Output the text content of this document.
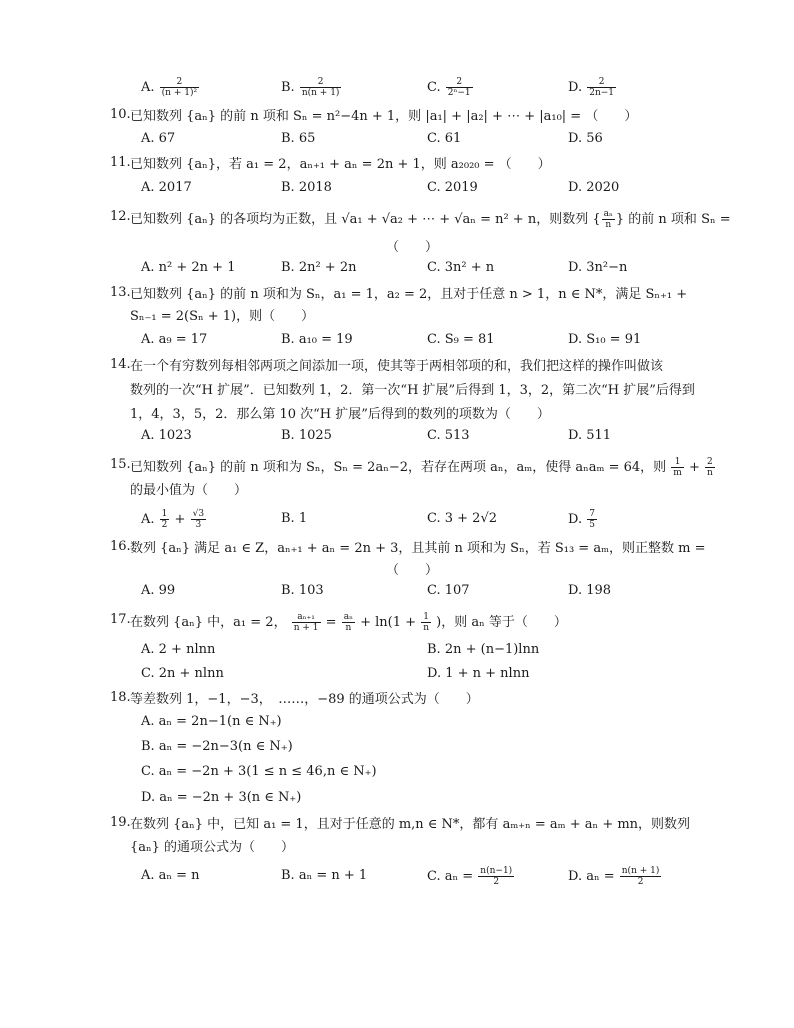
A. $\frac{2}{\text{(n + 1)²}}$	B. $\frac{2}{n(n + 1)}$	C. $\frac{2}{\text{2ⁿ−1}}$	D. $\frac{2}{2n-1}$
10. 已知数列 {aₙ} 的前 n 项和 Sₙ = n²−4n + 1，则 |a₁| + |a₂| + ⋯ + |a₁₀| = （　　）
A. 67	B. 65	C. 61	D. 56
11. 已知数列 {aₙ}，若 a₁ = 2，aₙ₊₁ + aₙ = 2n + 1，则 a₂₀₂₀ = （　　）
A. 2017	B. 2018	C. 2019	D. 2020
12. 已知数列 {aₙ} 的各项均为正数，且 √a₁ + √a₂ + ⋯ + √aₙ = n² + n，则数列 { $\frac{\text{aₙ}}{n}$ } 的前 n 项和 Sₙ =
（　　）
A. n² + 2n + 1	B. 2n² + 2n	C. 3n² + n	D. 3n²−n
13. 已知数列 {aₙ} 的前 n 项和为 Sₙ，a₁ = 1，a₂ = 2，且对于任意 n > 1，n ∈ N*，满足 Sₙ₊₁ +
Sₙ₋₁ = 2(Sₙ + 1)，则（　　）
A. a₉ = 17	B. a₁₀ = 19	C. S₉ = 81	D. S₁₀ = 91
14. 在一个有穷数列每相邻两项之间添加一项，使其等于两相邻项的和，我们把这样的操作叫做该
数列的一次“H 扩展”．已知数列 1，2．第一次“H 扩展”后得到 1，3，2，第二次“H 扩展”后得到
1，4，3，5，2．那么第 10 次“H 扩展”后得到的数列的项数为（　　）
A. 1023	B. 1025	C. 513	D. 511
15. 已知数列 {aₙ} 的前 n 项和为 Sₙ，Sₙ = 2aₙ−2，若存在两项 aₙ，aₘ，使得 aₙaₘ = 64，则 $\frac{1}{m} + \frac{2}{n}$
的最小值为（　　）
A. $\frac{1}{2} + \frac{√3}{3}$	B. 1	C. 3 + 2√2	D. $\frac{7}{5}$
16. 数列 {aₙ} 满足 a₁ ∈ Z，aₙ₊₁ + aₙ = 2n + 3，且其前 n 项和为 Sₙ，若 S₁₃ = aₘ，则正整数 m =
（　　）
A. 99	B. 103	C. 107	D. 198
17. 在数列 {aₙ} 中，a₁ = 2， $\frac{\text{aₙ₊₁}}{n + 1} = \frac{\text{aₙ}}{n} + \ln(1 + \frac{1}{n}$ )，则 aₙ 等于（　　）
A. 2 + nlnn	B. 2n + (n−1)lnn
C. 2n + nlnn	D. 1 + n + nlnn
18. 等差数列 1，−1，−3，　……，−89 的通项公式为（　　）
A. aₙ = 2n−1(n ∈ N₊)
B. aₙ = −2n−3(n ∈ N₊)
C. aₙ = −2n + 3(1 ≤ n ≤ 46,n ∈ N₊)
D. aₙ = −2n + 3(n ∈ N₊)
19. 在数列 {aₙ} 中，已知 a₁ = 1，且对于任意的 m,n ∈ N*，都有 aₘ₊ₙ = aₘ + aₙ + mn，则数列
{aₙ} 的通项公式为（　　）
A. aₙ = n	B. aₙ = n + 1	C. $a_n = \frac{n(n-1)}{2}$	D. $a_n = \frac{n(n + 1)}{2}$
